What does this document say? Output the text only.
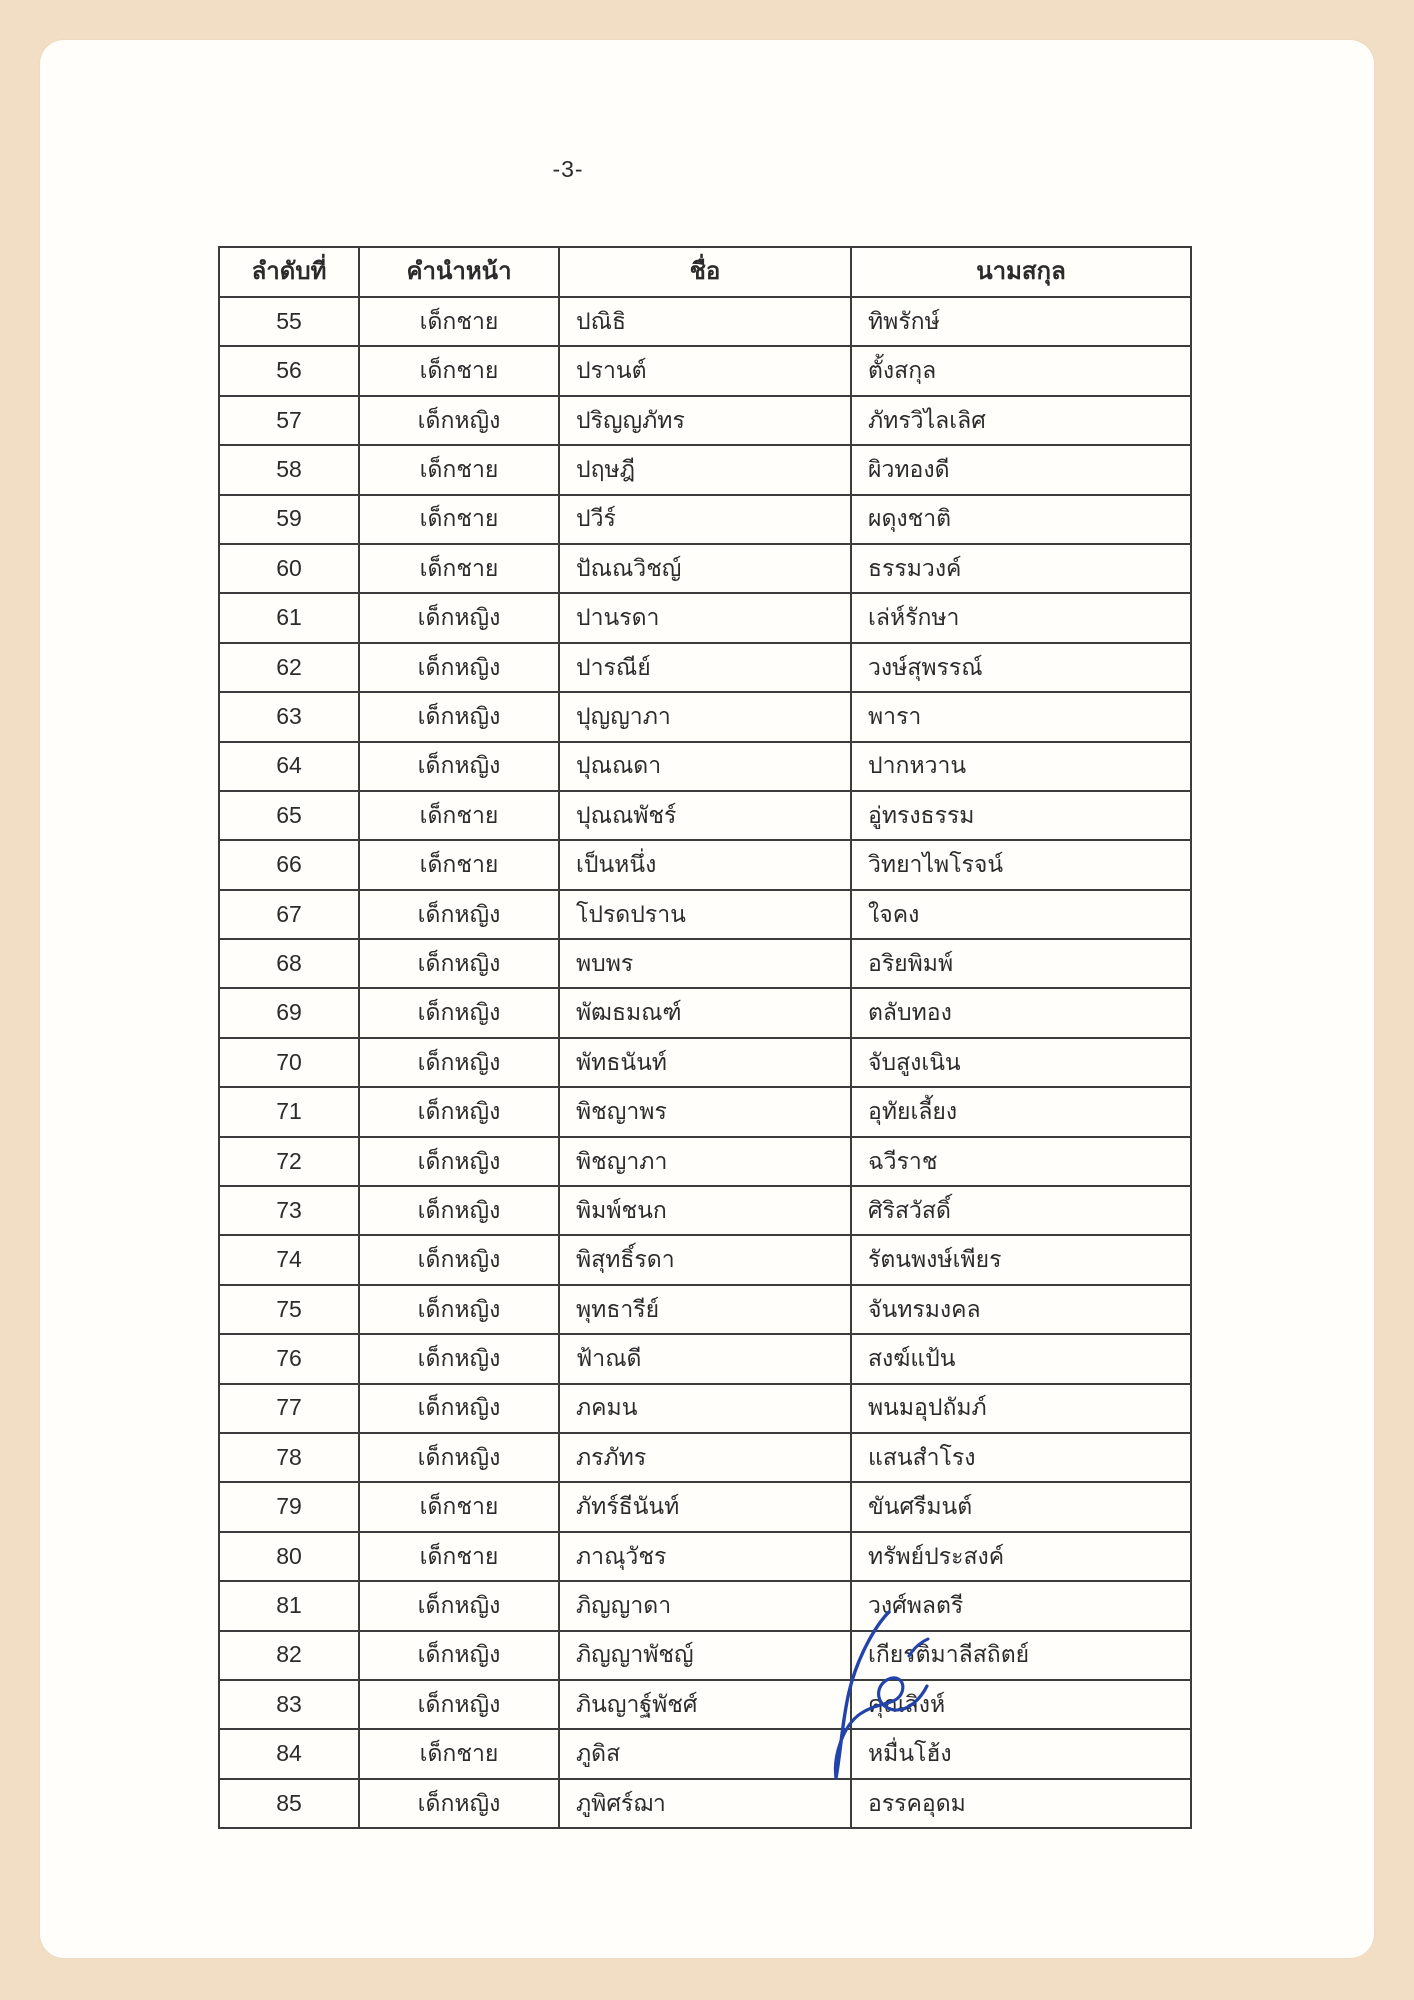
-3-
ลำดับที่	คำนำหน้า	ชื่อ	นามสกุล
55	เด็กชาย	ปณิธิ	ทิพรักษ์
56	เด็กชาย	ปรานต์	ตั้งสกุล
57	เด็กหญิง	ปริญญภัทร	ภัทรวิไลเลิศ
58	เด็กชาย	ปฤษฎี	ผิวทองดี
59	เด็กชาย	ปวีร์	ผดุงชาติ
60	เด็กชาย	ปัณณวิชญ์	ธรรมวงค์
61	เด็กหญิง	ปานรดา	เล่ห์รักษา
62	เด็กหญิง	ปารณีย์	วงษ์สุพรรณ์
63	เด็กหญิง	ปุญญาภา	พารา
64	เด็กหญิง	ปุณณดา	ปากหวาน
65	เด็กชาย	ปุณณพัชร์	อู่ทรงธรรม
66	เด็กชาย	เป็นหนึ่ง	วิทยาไพโรจน์
67	เด็กหญิง	โปรดปราน	ใจคง
68	เด็กหญิง	พบพร	อริยพิมพ์
69	เด็กหญิง	พัฒธมณฑ์	ตลับทอง
70	เด็กหญิง	พัทธนันท์	จับสูงเนิน
71	เด็กหญิง	พิชญาพร	อุทัยเลี้ยง
72	เด็กหญิง	พิชญาภา	ฉวีราช
73	เด็กหญิง	พิมพ์ชนก	ศิริสวัสดิ์
74	เด็กหญิง	พิสุทธิ์รดา	รัตนพงษ์เพียร
75	เด็กหญิง	พุทธารีย์	จันทรมงคล
76	เด็กหญิง	ฟ้าณดี	สงฆ์แป้น
77	เด็กหญิง	ภคมน	พนมอุปถัมภ์
78	เด็กหญิง	ภรภัทร	แสนสำโรง
79	เด็กชาย	ภัทร์ธีนันท์	ขันศรีมนต์
80	เด็กชาย	ภาณุวัชร	ทรัพย์ประสงค์
81	เด็กหญิง	ภิญญาดา	วงศ์พลตรี
82	เด็กหญิง	ภิญญาพัชญ์	เกียรติมาลีสถิตย์
83	เด็กหญิง	ภินญาฐ์พัชศ์	คุณสิงห์
84	เด็กชาย	ภูดิส	หมื่นโฮ้ง
85	เด็กหญิง	ภูพิศร์ฌา	อรรคอุดม
